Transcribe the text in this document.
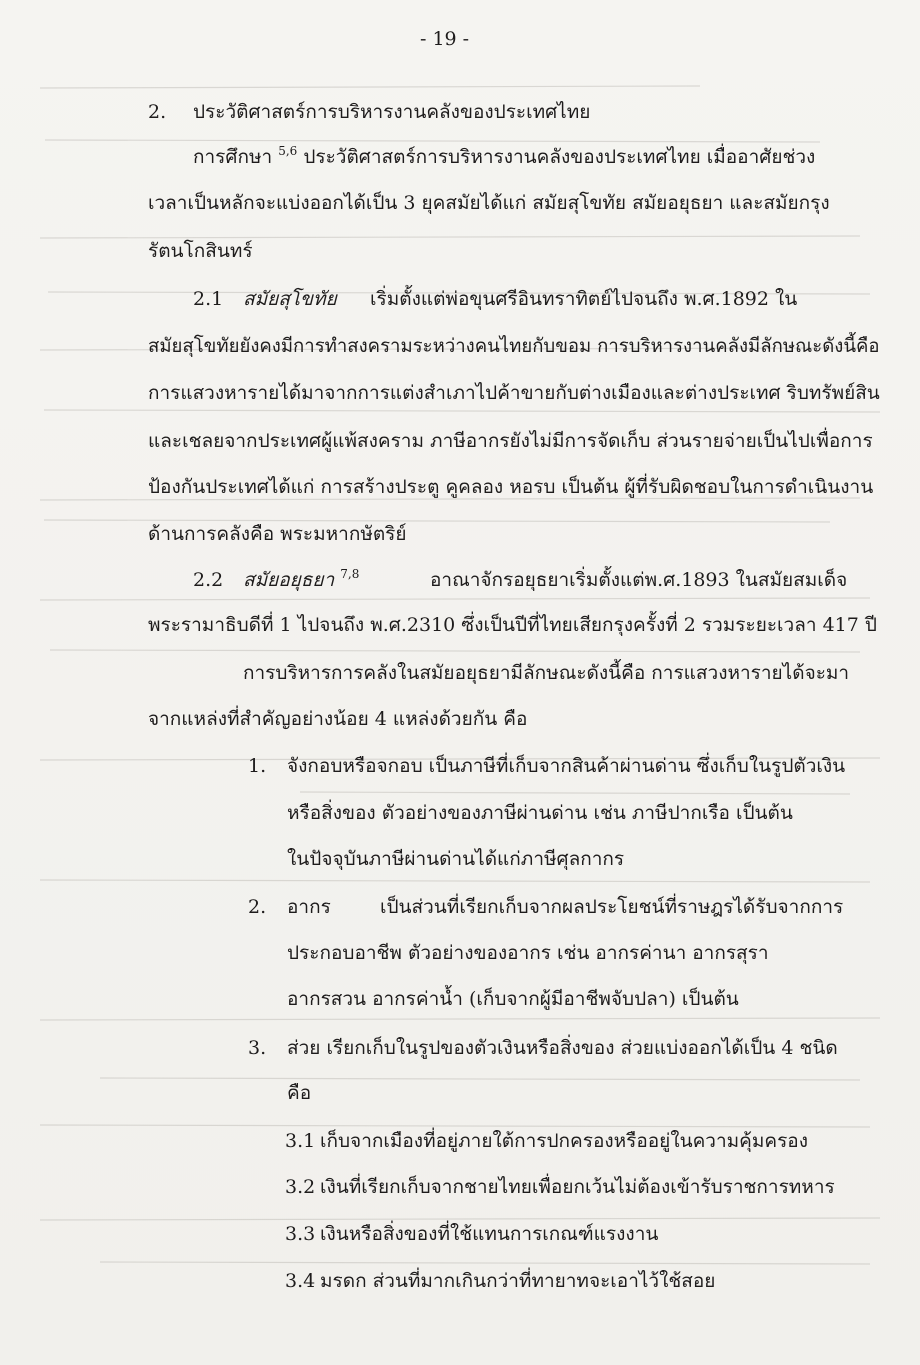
- 19 -
2. ประวัติศาสตร์การบริหารงานคลังของประเทศไทย
การศึกษา $^{5,6}$ ประวัติศาสตร์การบริหารงานคลังของประเทศไทย เมื่ออาศัยช่วง
เวลาเป็นหลักจะแบ่งออกได้เป็น 3 ยุคสมัยได้แก่ สมัยสุโขทัย สมัยอยุธยา และสมัยกรุง
รัตนโกสินทร์
2.1 สมัยสุโขทัย เริ่มตั้งแต่พ่อขุนศรีอินทราทิตย์ไปจนถึง พ.ศ.1892 ใน
สมัยสุโขทัยยังคงมีการทำสงครามระหว่างคนไทยกับขอม การบริหารงานคลังมีลักษณะดังนี้คือ
การแสวงหารายได้มาจากการแต่งสำเภาไปค้าขายกับต่างเมืองและต่างประเทศ ริบทรัพย์สิน
และเชลยจากประเทศผู้แพ้สงคราม ภาษีอากรยังไม่มีการจัดเก็บ ส่วนรายจ่ายเป็นไปเพื่อการ
ป้องกันประเทศได้แก่ การสร้างประตู คูคลอง หอรบ เป็นต้น ผู้ที่รับผิดชอบในการดำเนินงาน
ด้านการคลังคือ พระมหากษัตริย์
2.2 สมัยอยุธยา $^{7,8}$	อาณาจักรอยุธยาเริ่มตั้งแต่พ.ศ.1893 ในสมัยสมเด็จ
พระรามาธิบดีที่ 1 ไปจนถึง พ.ศ.2310 ซึ่งเป็นปีที่ไทยเสียกรุงครั้งที่ 2 รวมระยะเวลา 417 ปี
การบริหารการคลังในสมัยอยุธยามีลักษณะดังนี้คือ การแสวงหารายได้จะมา
จากแหล่งที่สำคัญอย่างน้อย 4 แหล่งด้วยกัน คือ
1. จังกอบหรือจกอบ เป็นภาษีที่เก็บจากสินค้าผ่านด่าน ซึ่งเก็บในรูปตัวเงิน
หรือสิ่งของ ตัวอย่างของภาษีผ่านด่าน เช่น ภาษีปากเรือ เป็นต้น
ในปัจจุบันภาษีผ่านด่านได้แก่ภาษีศุลกากร
2. อากร	เป็นส่วนที่เรียกเก็บจากผลประโยชน์ที่ราษฎรได้รับจากการ
ประกอบอาชีพ ตัวอย่างของอากร เช่น อากรค่านา อากรสุรา
อากรสวน อากรค่าน้ำ (เก็บจากผู้มีอาชีพจับปลา) เป็นต้น
3. ส่วย เรียกเก็บในรูปของตัวเงินหรือสิ่งของ ส่วยแบ่งออกได้เป็น 4 ชนิด
คือ
3.1 เก็บจากเมืองที่อยู่ภายใต้การปกครองหรืออยู่ในความคุ้มครอง
3.2 เงินที่เรียกเก็บจากชายไทยเพื่อยกเว้นไม่ต้องเข้ารับราชการทหาร
3.3 เงินหรือสิ่งของที่ใช้แทนการเกณฑ์แรงงาน
3.4 มรดก ส่วนที่มากเกินกว่าที่ทายาทจะเอาไว้ใช้สอย
